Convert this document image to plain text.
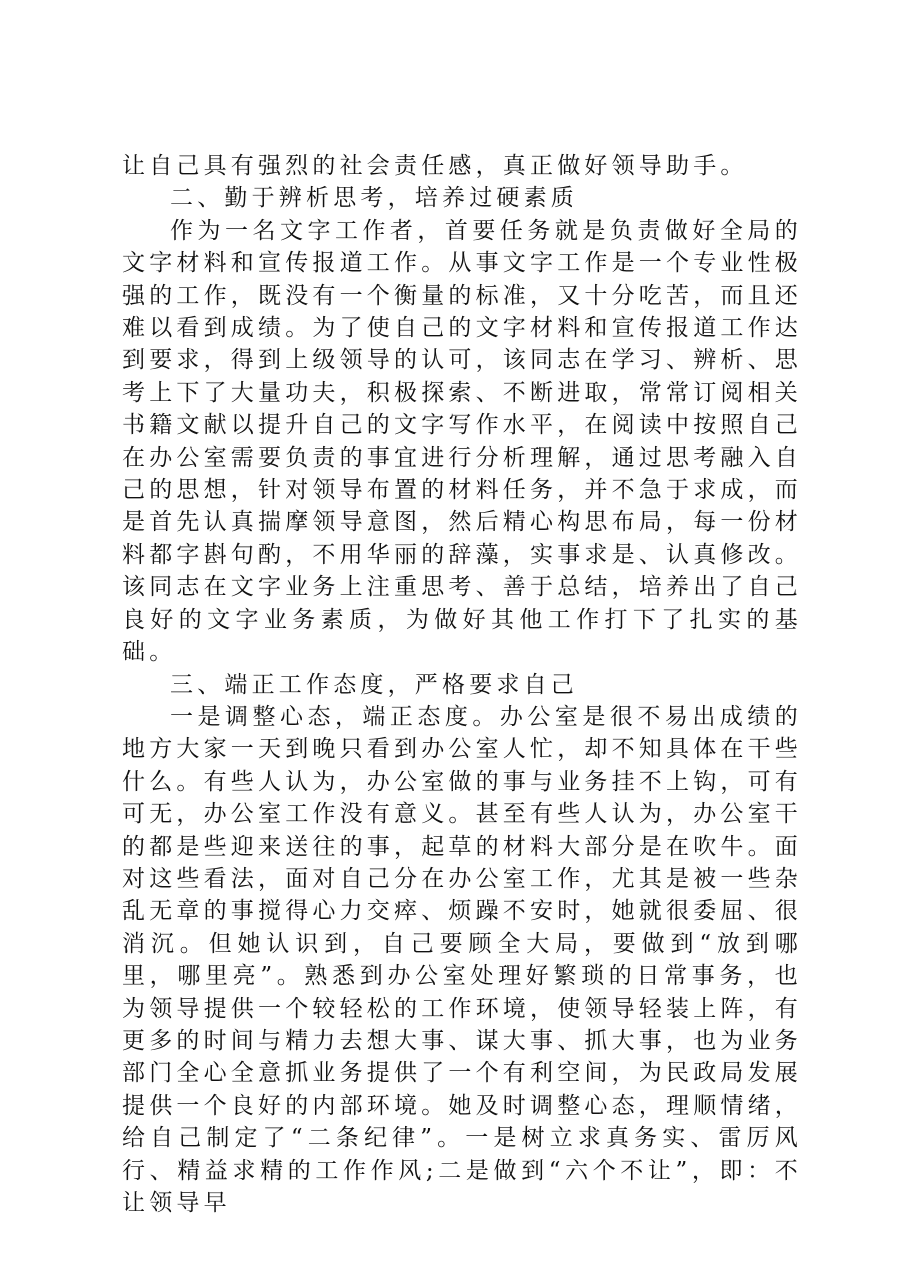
让自己具有强烈的社会责任感，真正做好领导助手。

二、勤于辨析思考，培养过硬素质

作为一名文字工作者，首要任务就是负责做好全局的文字材料和宣传报道工作。从事文字工作是一个专业性极强的工作，既没有一个衡量的标准，又十分吃苦，而且还难以看到成绩。为了使自己的文字材料和宣传报道工作达到要求，得到上级领导的认可，该同志在学习、辨析、思考上下了大量功夫，积极探索、不断进取，常常订阅相关书籍文献以提升自己的文字写作水平，在阅读中按照自己在办公室需要负责的事宜进行分析理解，通过思考融入自己的思想，针对领导布置的材料任务，并不急于求成，而是首先认真揣摩领导意图，然后精心构思布局，每一份材料都字斟句酌，不用华丽的辞藻，实事求是、认真修改。该同志在文字业务上注重思考、善于总结，培养出了自己良好的文字业务素质，为做好其他工作打下了扎实的基础。

三、端正工作态度，严格要求自己

一是调整心态，端正态度。办公室是很不易出成绩的地方大家一天到晚只看到办公室人忙，却不知具体在干些什么。有些人认为，办公室做的事与业务挂不上钩，可有可无，办公室工作没有意义。甚至有些人认为，办公室干的都是些迎来送往的事，起草的材料大部分是在吹牛。面对这些看法，面对自己分在办公室工作，尤其是被一些杂乱无章的事搅得心力交瘁、烦躁不安时，她就很委屈、很消沉。但她认识到，自己要顾全大局，要做到“放到哪里，哪里亮”。熟悉到办公室处理好繁琐的日常事务，也为领导提供一个较轻松的工作环境，使领导轻装上阵，有更多的时间与精力去想大事、谋大事、抓大事，也为业务部门全心全意抓业务提供了一个有利空间，为民政局发展提供一个良好的内部环境。她及时调整心态，理顺情绪，给自己制定了“二条纪律”。一是树立求真务实、雷厉风行、精益求精的工作作风;二是做到“六个不让”，即：不让领导早
